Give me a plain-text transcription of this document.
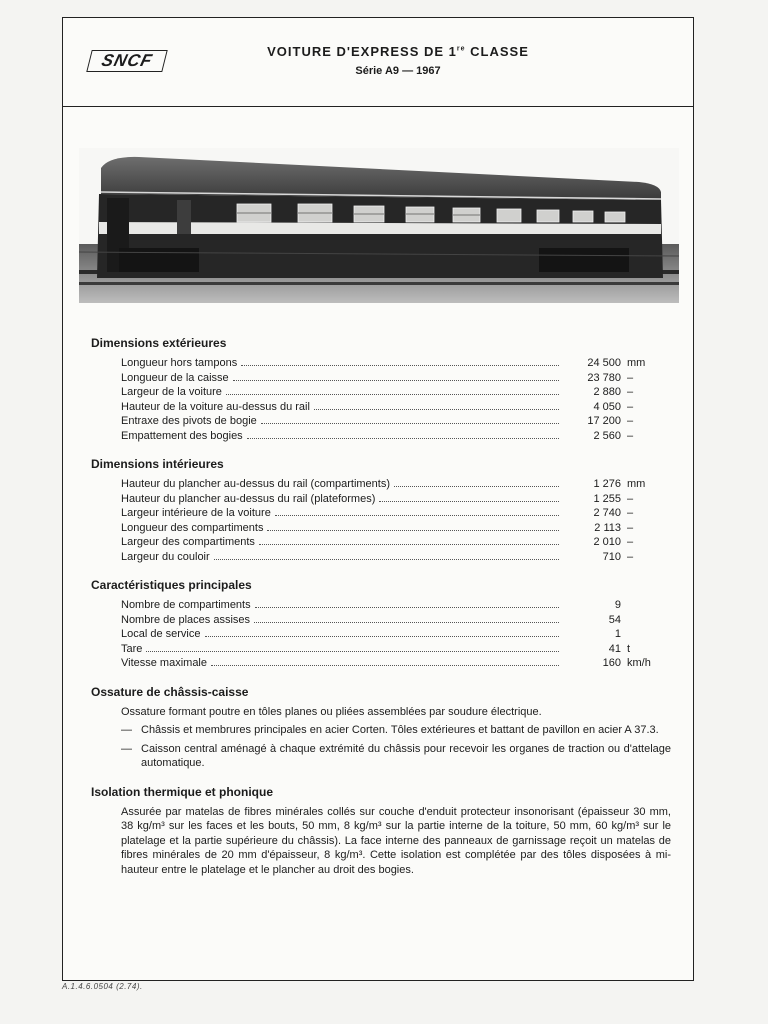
SNCF	VOITURE D'EXPRESS DE 1re CLASSE
Série A9 — 1967
Dimensions extérieures
Longueur hors tampons	24 500 mm
Longueur de la caisse	23 780 –
Largeur de la voiture	2 880 –
Hauteur de la voiture au-dessus du rail	4 050 –
Entraxe des pivots de bogie	17 200 –
Empattement des bogies	2 560 –
Dimensions intérieures
Hauteur du plancher au-dessus du rail (compartiments)	1 276 mm
Hauteur du plancher au-dessus du rail (plateformes)	1 255 –
Largeur intérieure de la voiture	2 740 –
Longueur des compartiments	2 113 –
Largeur des compartiments	2 010 –
Largeur du couloir	710 –
Caractéristiques principales
Nombre de compartiments	9
Nombre de places assises	54
Local de service	1
Tare	41 t
Vitesse maximale	160 km/h
Ossature de châssis-caisse
Ossature formant poutre en tôles planes ou pliées assemblées par soudure électrique.
— Châssis et membrures principales en acier Corten. Tôles extérieures et battant de pavillon en acier A 37.3.
— Caisson central aménagé à chaque extrémité du châssis pour recevoir les organes de traction ou d'attelage automatique.
Isolation thermique et phonique
Assurée par matelas de fibres minérales collés sur couche d'enduit protecteur insonorisant (épaisseur 30 mm, 38 kg/m³ sur les faces et les bouts, 50 mm, 8 kg/m³ sur la partie interne de la toiture, 50 mm, 60 kg/m³ sur le platelage et la partie supérieure du châssis). La face interne des panneaux de garnissage reçoit un matelas de fibres minérales de 20 mm d'épaisseur, 8 kg/m³. Cette isolation est complétée par des tôles disposées à mi-hauteur entre le platelage et le plancher au droit des bogies.
A.1.4.6.0504 (2.74).
